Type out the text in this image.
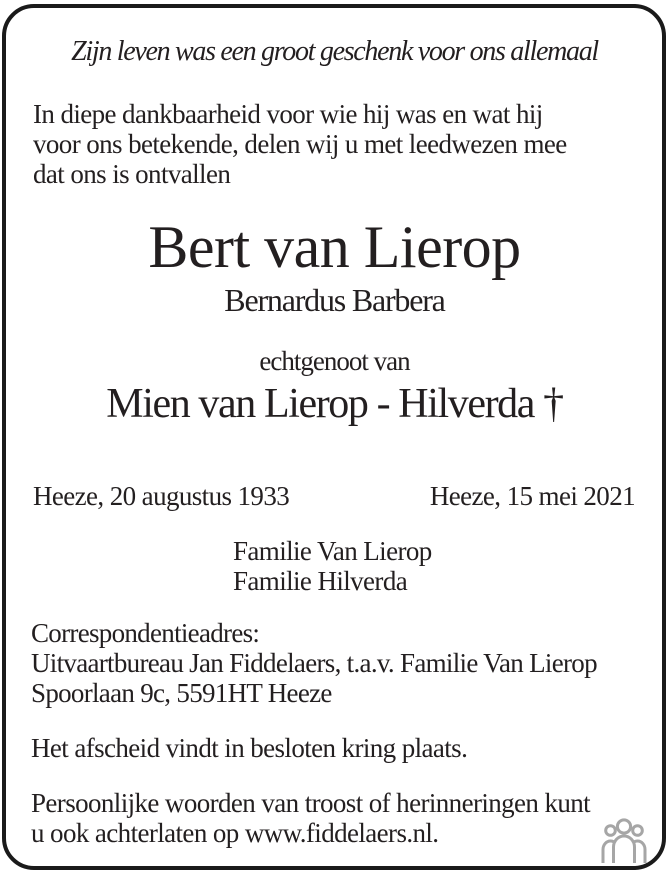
Zijn leven was een groot geschenk voor ons allemaal
In diepe dankbaarheid voor wie hij was en wat hij
voor ons betekende, delen wij u met leedwezen mee
dat ons is ontvallen
Bert van Lierop
Bernardus Barbera
echtgenoot van
Mien van Lierop - Hilverda †
Heeze, 20 augustus 1933	Heeze, 15 mei 2021
Familie Van Lierop
Familie Hilverda
Correspondentieadres:
Uitvaartbureau Jan Fiddelaers, t.a.v. Familie Van Lierop
Spoorlaan 9c, 5591HT Heeze
Het afscheid vindt in besloten kring plaats.
Persoonlijke woorden van troost of herinneringen kunt
u ook achterlaten op www.fiddelaers.nl.
